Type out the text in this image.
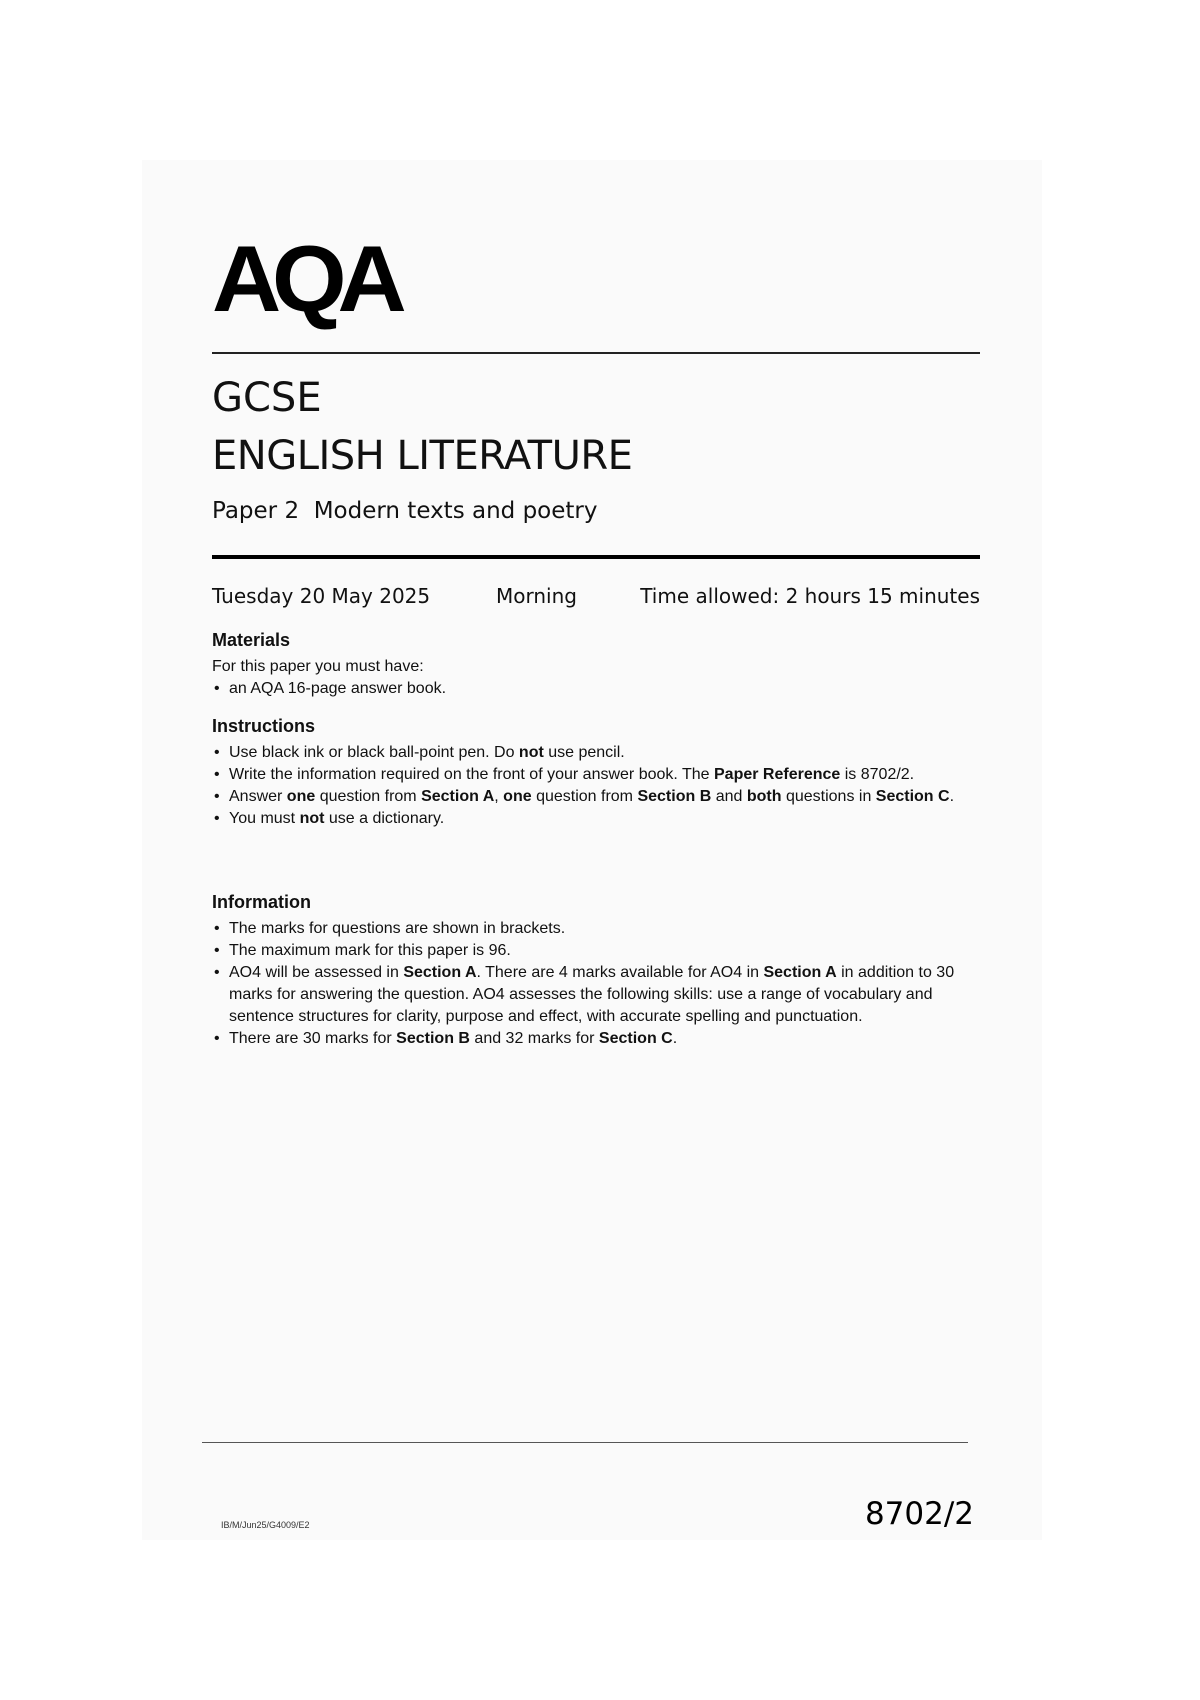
AQA
GCSE
ENGLISH LITERATURE
Paper 2  Modern texts and poetry
Tuesday 20 May 2025	Morning	Time allowed: 2 hours 15 minutes
Materials

For this paper you must have:

• an AQA 16-page answer book.
Instructions
• Use black ink or black ball-point pen. Do not use pencil.
• Write the information required on the front of your answer book. The Paper Reference is 8702/2.
• Answer one question from Section A, one question from Section B and both questions in Section C.
• You must not use a dictionary.
Information
• The marks for questions are shown in brackets.
• The maximum mark for this paper is 96.
• AO4 will be assessed in Section A. There are 4 marks available for AO4 in Section A in addition to 30 marks for answering the question. AO4 assesses the following skills: use a range of vocabulary and sentence structures for clarity, purpose and effect, with accurate spelling and punctuation.
• There are 30 marks for Section B and 32 marks for Section C.
IB/M/Jun25/G4009/E2	8702/2
